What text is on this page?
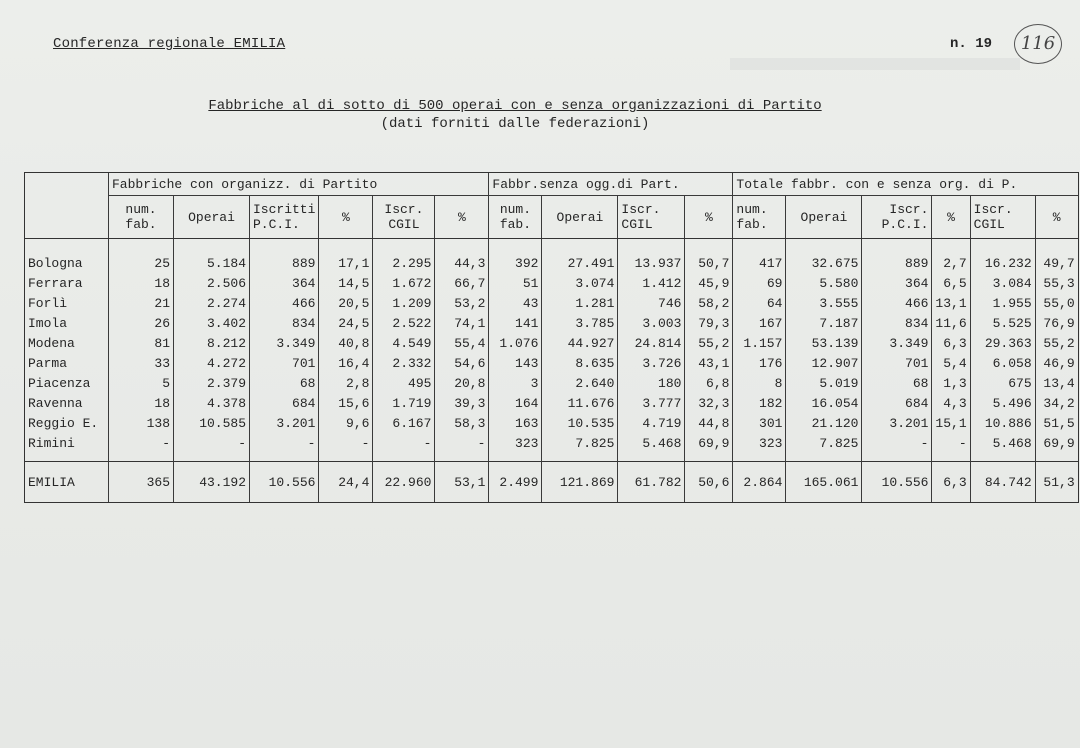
Conferenza regionale EMILIA	n. 19	116
Fabbriche al di sotto di 500 operai con e senza organizzazioni di Partito
(dati forniti dalle federazioni)
	Fabbriche con organizz. di Partito						Fabbr.senza ogg.di Part.				Totale fabbr. con e senza org. di P.					
	num.
fab.	Operai	Iscritti
P.C.I.	%	Iscr.
CGIL	%	num.
fab.	Operai	Iscr.
CGIL	%	num.
fab.	Operai	Iscr.
P.C.I.	%	Iscr.
CGIL	%
Bologna	25	5.184	889	17,1	2.295	44,3	392	27.491	13.937	50,7	417	32.675	889	2,7	16.232	49,7
Ferrara	18	2.506	364	14,5	1.672	66,7	51	3.074	1.412	45,9	69	5.580	364	6,5	3.084	55,3
Forlì	21	2.274	466	20,5	1.209	53,2	43	1.281	746	58,2	64	3.555	466	13,1	1.955	55,0
Imola	26	3.402	834	24,5	2.522	74,1	141	3.785	3.003	79,3	167	7.187	834	11,6	5.525	76,9
Modena	81	8.212	3.349	40,8	4.549	55,4	1.076	44.927	24.814	55,2	1.157	53.139	3.349	6,3	29.363	55,2
Parma	33	4.272	701	16,4	2.332	54,6	143	8.635	3.726	43,1	176	12.907	701	5,4	6.058	46,9
Piacenza	5	2.379	68	2,8	495	20,8	3	2.640	180	6,8	8	5.019	68	1,3	675	13,4
Ravenna	18	4.378	684	15,6	1.719	39,3	164	11.676	3.777	32,3	182	16.054	684	4,3	5.496	34,2
Reggio E.	138	10.585	3.201	9,6	6.167	58,3	163	10.535	4.719	44,8	301	21.120	3.201	15,1	10.886	51,5
Rimini	-	-	-	-	-	-	323	7.825	5.468	69,9	323	7.825	-	-	5.468	69,9
EMILIA	365	43.192	10.556	24,4	22.960	53,1	2.499	121.869	61.782	50,6	2.864	165.061	10.556	6,3	84.742	51,3
